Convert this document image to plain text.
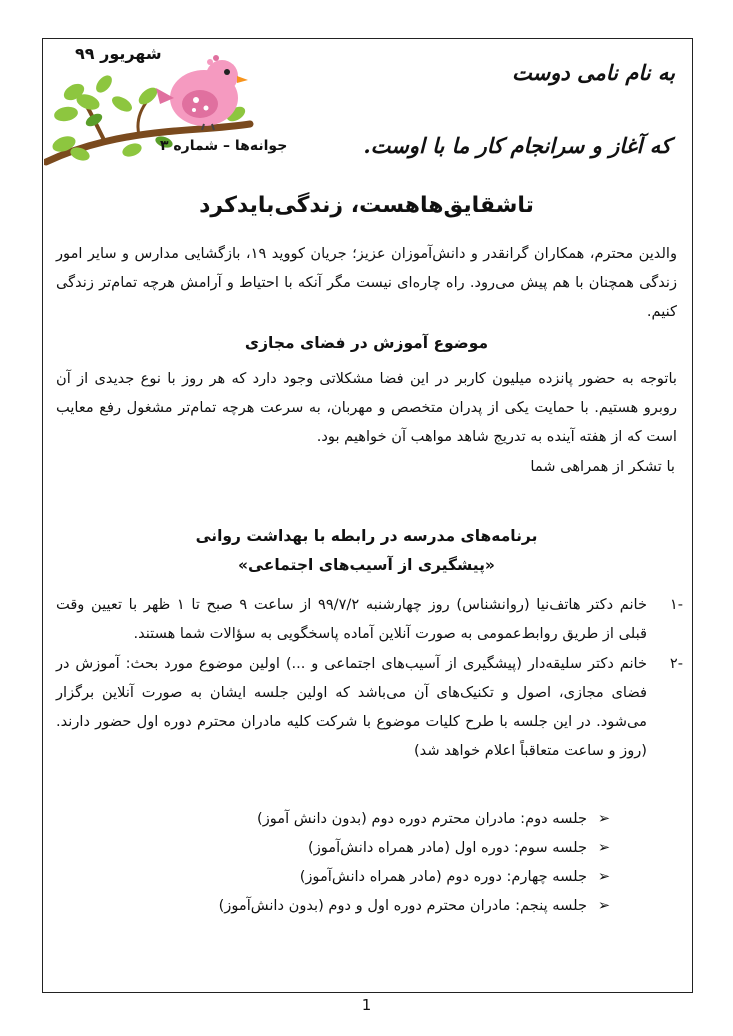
به نام نامی دوست
که آغاز و سرانجام کار ما با اوست.
شهریور ۹۹
جوانه‌ها – شماره ۳
تاشقایق‌هاهست، زندگی‌بایدکرد
والدین محترم، همکاران گرانقدر و دانش‌آموزان عزیز؛ جریان کووید ۱۹، بازگشایی مدارس و سایر امور زندگی همچنان با هم پیش می‌رود. راه چاره‌ای نیست مگر آنکه با احتیاط و آرامش هرچه تمام‌تر زندگی کنیم.
موضوع آموزش در فضای مجازی
باتوجه به حضور پانزده میلیون کاربر در این فضا مشکلاتی وجود دارد که هر روز با نوع جدیدی از آن روبرو هستیم. با حمایت یکی از پدران متخصص و مهربان، به سرعت هرچه تمام‌تر مشغول رفع معایب است که از هفته آینده به تدریج شاهد مواهب آن خواهیم بود.
با تشکر از همراهی شما
برنامه‌های مدرسه در رابطه با بهداشت روانی
«پیشگیری از آسیب‌های اجتماعی»
-۱
خانم دکتر هاتف‌نیا (روانشناس) روز چهارشنبه ۹۹/۷/۲ از ساعت ۹ صبح تا ۱ ظهر با تعیین وقت قبلی از طریق روابط‌عمومی به صورت آنلاین آماده پاسخگویی به سؤالات شما هستند.
-۲
خانم دکتر سلیقه‌دار (پیشگیری از آسیب‌های اجتماعی و ...) اولین موضوع مورد بحث: آموزش در فضای مجازی، اصول و تکنیک‌های آن می‌باشد که اولین جلسه ایشان به صورت آنلاین برگزار می‌شود. در این جلسه با طرح کلیات موضوع با شرکت کلیه مادران محترم دوره اول حضور دارند. (روز و ساعت متعاقباً اعلام خواهد شد)
➢جلسه دوم: مادران محترم دوره دوم (بدون دانش آموز)
➢جلسه سوم: دوره اول (مادر همراه دانش‌آموز)
➢جلسه چهارم: دوره دوم (مادر همراه دانش‌آموز)
➢جلسه پنجم: مادران محترم دوره اول و دوم (بدون دانش‌آموز)
1
